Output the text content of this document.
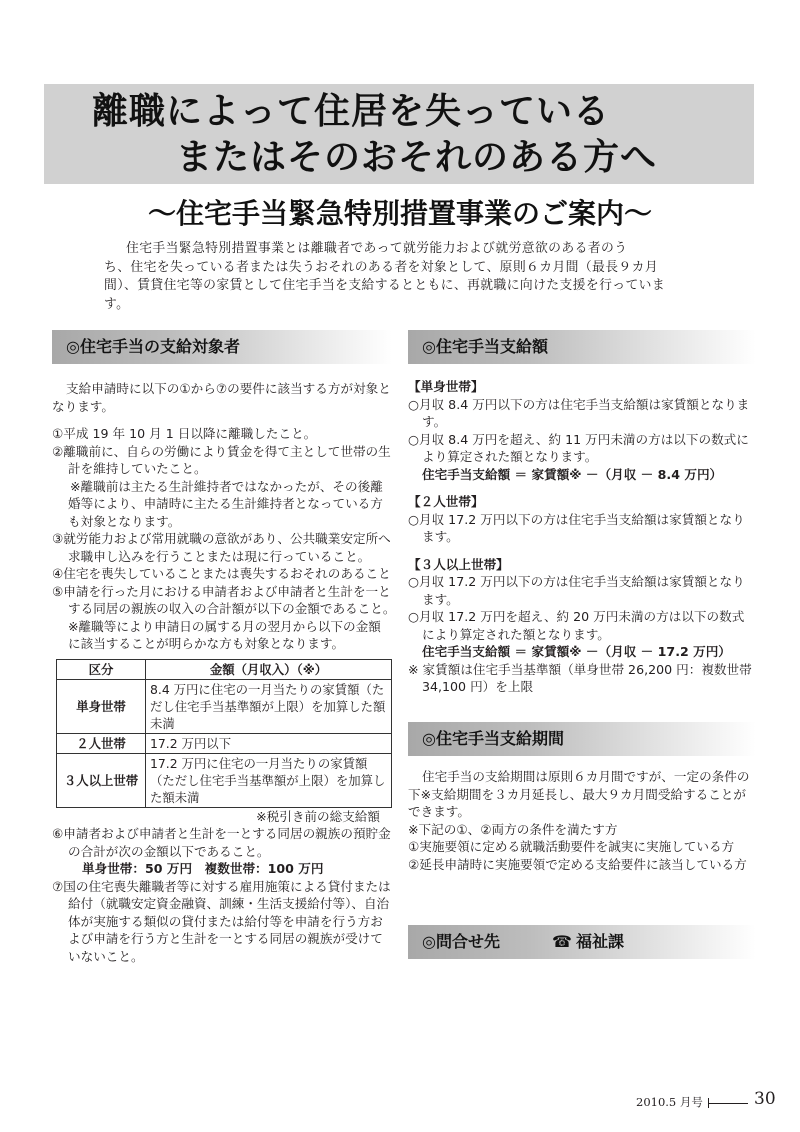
離職によって住居を失っている
またはそのおそれのある方へ
〜住宅手当緊急特別措置事業のご案内〜

住宅手当緊急特別措置事業とは離職者であって就労能力および就労意欲のある者のう

ち、住宅を失っている者または失うおそれのある者を対象として、原則６カ月間（最長９カ月間）、賃貸住宅等の家賃として住宅手当を支給するとともに、再就職に向けた支援を行っています。

◎住宅手当の支給対象者	◎住宅手当支給額

支給申請時に以下の①から⑦の要件に該当する方が対象となります。

①平成 19 年 10 月 1 日以降に離職したこと。

②離職前に、自らの労働により賃金を得て主として世帯の生計を維持していたこと。

※離職前は主たる生計維持者ではなかったが、その後離婚等により、申請時に主たる生計維持者となっている方も対象となります。

③就労能力および常用就職の意欲があり、公共職業安定所へ求職申し込みを行うことまたは現に行っていること。

④住宅を喪失していることまたは喪失するおそれのあること

⑤申請を行った月における申請者および申請者と生計を一とする同居の親族の収入の合計額が以下の金額であること。　※離職等により申請日の属する月の翌月から以下の金額に該当することが明らかな方も対象となります。

区分	金額（月収入）（※）
単身世帯	8.4 万円に住宅の一月当たりの家賃額（ただし住宅手当基準額が上限）を加算した額未満
２人世帯	17.2 万円以下
３人以上世帯	17.2 万円に住宅の一月当たりの家賃額（ただし住宅手当基準額が上限）を加算した額未満

※税引き前の総支給額

⑥申請者および申請者と生計を一とする同居の親族の預貯金の合計が次の金額以下であること。

単身世帯：50 万円　複数世帯：100 万円

⑦国の住宅喪失離職者等に対する雇用施策による貸付または給付（就職安定資金融資、訓練・生活支援給付等）、自治体が実施する類似の貸付または給付等を申請を行う方および申請を行う方と生計を一とする同居の親族が受けていないこと。

【単身世帯】

○月収 8.4 万円以下の方は住宅手当支給額は家賃額となります。

○月収 8.4 万円を超え、約 11 万円未満の方は以下の数式により算定された額となります。

住宅手当支給額 ＝ 家賃額※ －（月収 － 8.4 万円）

【２人世帯】

○月収 17.2 万円以下の方は住宅手当支給額は家賃額となります。

【３人以上世帯】

○月収 17.2 万円以下の方は住宅手当支給額は家賃額となります。

○月収 17.2 万円を超え、約 20 万円未満の方は以下の数式により算定された額となります。

住宅手当支給額 ＝ 家賃額※ －（月収 － 17.2 万円）

※ 家賃額は住宅手当基準額（単身世帯 26,200 円：複数世帯 34,100 円）を上限

◎住宅手当支給期間

住宅手当の支給期間は原則６カ月間ですが、一定の条件の下※支給期間を３カ月延長し、最大９カ月間受給することができます。

※下記の①、②両方の条件を満たす方

①実施要領に定める就職活動要件を誠実に実施している方

②延長申請時に実施要領で定める支給要件に該当している方

◎問合せ先	☎ 福祉課
2010.5 月号	30
